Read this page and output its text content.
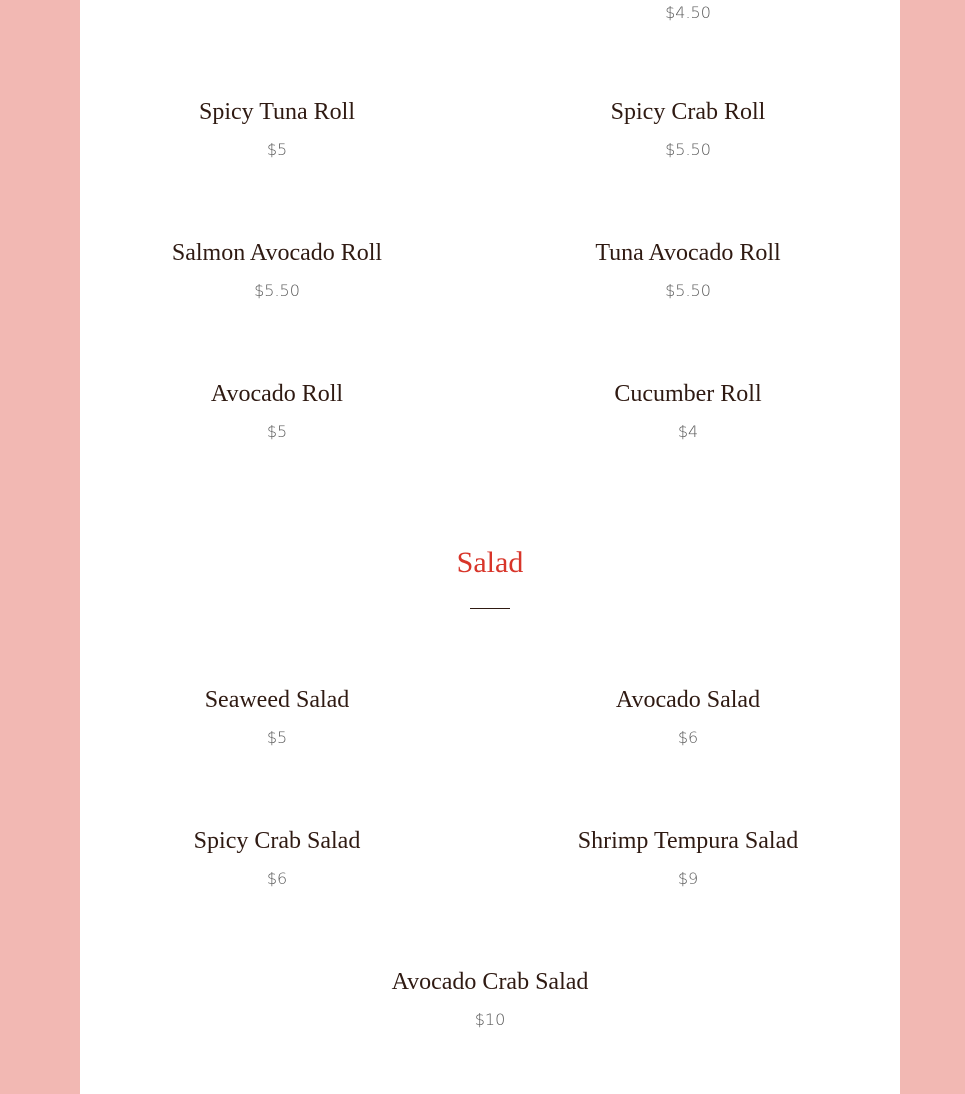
$4.50
Spicy Tuna Roll
$5
Spicy Crab Roll
$5.50
Salmon Avocado Roll
$5.50
Tuna Avocado Roll
$5.50
Avocado Roll
$5
Cucumber Roll
$4
Salad
Seaweed Salad
$5
Avocado Salad
$6
Spicy Crab Salad
$6
Shrimp Tempura Salad
$9
Avocado Crab Salad
$10
